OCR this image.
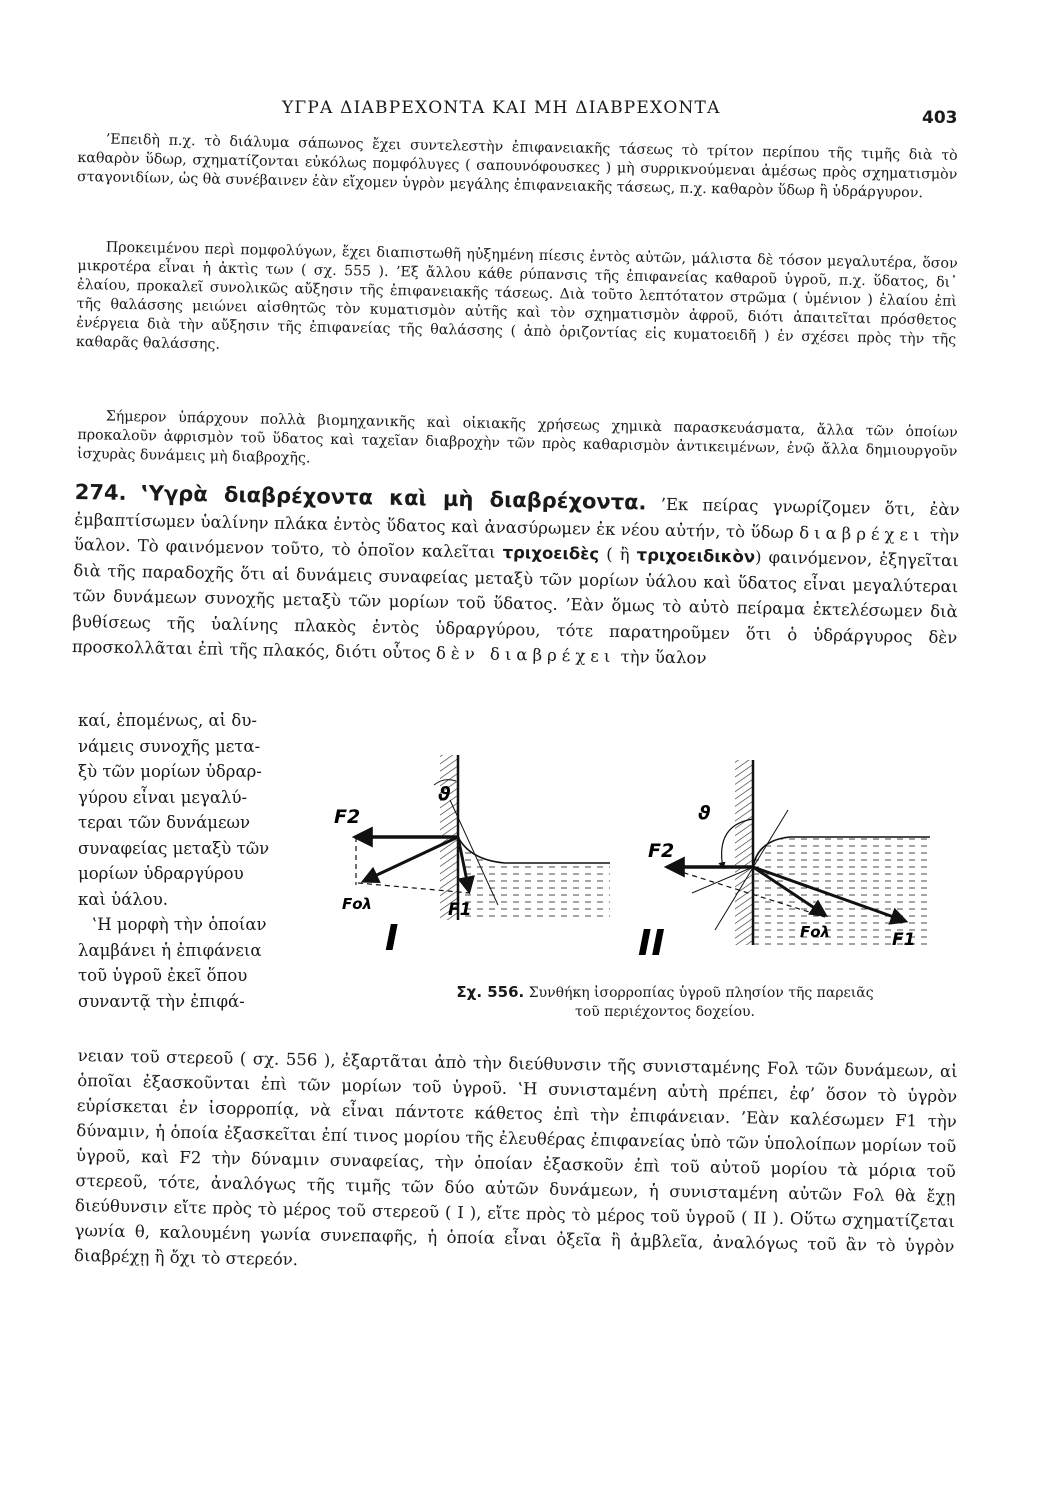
ΥΓΡΑ ΔΙΑΒΡΕΧΟΝΤΑ ΚΑΙ ΜΗ ΔΙΑΒΡΕΧΟΝΤΑ	403
’Επειδὴ π.χ. τὸ διάλυμα σάπωνος ἔχει συντελεστὴν ἐπιφανειακῆς τάσεως τὸ τρίτον περίπου τῆς τιμῆς διὰ τὸ καθαρὸν ὕδωρ, σχηματίζονται εὐκόλως πομφόλυγες ( σαπουνόφουσκες ) μὴ συρρικνούμεναι ἀμέσως πρὸς σχηματισμὸν σταγονιδίων, ὡς θὰ συνέβαινεν ἐὰν εἴχομεν ὑγρὸν μεγάλης ἐπιφανειακῆς τάσεως, π.χ. καθαρὸν ὕδωρ ἢ ὑδράργυρον.
Προκειμένου περὶ πομφολύγων, ἔχει διαπιστωθῆ ηὐξημένη πίεσις ἐντὸς αὐτῶν, μάλιστα δὲ τόσον μεγαλυτέρα, ὅσον μικροτέρα εἶναι ἡ ἀκτὶς των ( σχ. 555 ). ’Εξ ἄλλου κάθε ρύπανσις τῆς ἐπιφανείας καθαροῦ ὑγροῦ, π.χ. ὕδατος, δι᾽ ἐλαίου, προκαλεῖ συνολικῶς αὔξησιν τῆς ἐπιφανειακῆς τάσεως. Διὰ τοῦτο λεπτότατον στρῶμα ( ὑμένιον ) ἐλαίου ἐπὶ τῆς θαλάσσης μειώνει αἰσθητῶς τὸν κυματισμὸν αὐτῆς καὶ τὸν σχηματισμὸν ἀφροῦ, διότι ἀπαιτεῖται πρόσθετος ἐνέργεια διὰ τὴν αὔξησιν τῆς ἐπιφανείας τῆς θαλάσσης ( ἀπὸ ὁριζοντίας εἰς κυματοειδῆ ) ἐν σχέσει πρὸς τὴν τῆς καθαρᾶς θαλάσσης.
Σήμερον ὑπάρχουν πολλὰ βιομηχανικῆς καὶ οἰκιακῆς χρήσεως χημικὰ παρασκευάσματα, ἄλλα τῶν ὁποίων προκαλοῦν ἀφρισμὸν τοῦ ὕδατος καὶ ταχεῖαν διαβροχὴν τῶν πρὸς καθαρισμὸν ἀντικειμένων, ἐνῷ ἄλλα δημιουργοῦν ἰσχυρὰς δυνάμεις μὴ διαβροχῆς.
274. ‛Υγρὰ διαβρέχοντα καὶ μὴ διαβρέχοντα. ’Εκ πείρας γνωρίζομεν ὅτι, ἐὰν ἐμβαπτίσωμεν ὑαλίνην πλάκα ἐντὸς ὕδατος καὶ ἀνασύρωμεν ἐκ νέου αὐτήν, τὸ ὕδωρ διαβρέχει τὴν ὕαλον. Τὸ φαινόμενον τοῦτο, τὸ ὁποῖον καλεῖται τριχοειδὲς ( ἢ τριχοειδικὸν) φαινόμενον, ἐξηγεῖται διὰ τῆς παραδοχῆς ὅτι αἱ δυνάμεις συναφείας μεταξὺ τῶν μορίων ὑάλου καὶ ὕδατος εἶναι μεγαλύτεραι τῶν δυνάμεων συνοχῆς μεταξὺ τῶν μορίων τοῦ ὕδατος. ’Εὰν ὅμως τὸ αὐτὸ πείραμα ἐκτελέσωμεν διὰ βυθίσεως τῆς ὑαλίνης πλακὸς ἐντὸς ὑδραργύρου, τότε παρατηροῦμεν ὅτι ὁ ὑδράργυρος δὲν προσκολλᾶται ἐπὶ τῆς πλακός, διότι οὗτος δὲν διαβρέχει τὴν ὕαλον
καί, ἐπομένως, αἱ δυ-
νάμεις συνοχῆς μετα-
ξὺ τῶν μορίων ὑδραρ-
γύρου εἶναι μεγαλύ-
τεραι τῶν δυνάμεων
συναφείας μεταξὺ τῶν
μορίων ὑδραργύρου
καὶ ὑάλου.
‛Η μορφὴ τὴν ὁποίαν
λαμβάνει ἡ ἐπιφάνεια
τοῦ ὑγροῦ ἐκεῖ ὅπου
συναντᾷ τὴν ἐπιφά-
ϑ
F2
Fολ	F1
I
ϑ
F2
Fολ	F1
II
Σχ. 556. Συνθήκη ἰσορροπίας ὑγροῦ πλησίον τῆς παρειᾶς
τοῦ περιέχοντος δοχείου.
νειαν τοῦ στερεοῦ ( σχ. 556 ), ἐξαρτᾶται ἀπὸ τὴν διεύθυνσιν τῆς συνισταμένης Fολ τῶν δυνάμεων, αἱ ὁποῖαι ἐξασκοῦνται ἐπὶ τῶν μορίων τοῦ ὑγροῦ. ‛Η συνισταμένη αὐτὴ πρέπει, ἐφ’ ὅσον τὸ ὑγρὸν εὑρίσκεται ἐν ἰσορροπίᾳ, νὰ εἶναι πάντοτε κάθετος ἐπὶ τὴν ἐπιφάνειαν. ’Εὰν καλέσωμεν F1 τὴν δύναμιν, ἡ ὁποία ἐξασκεῖται ἐπί τινος μορίου τῆς ἐλευθέρας ἐπιφανείας ὑπὸ τῶν ὑπολοίπων μορίων τοῦ ὑγροῦ, καὶ F2 τὴν δύναμιν συναφείας, τὴν ὁποίαν ἐξασκοῦν ἐπὶ τοῦ αὐτοῦ μορίου τὰ μόρια τοῦ στερεοῦ, τότε, ἀναλόγως τῆς τιμῆς τῶν δύο αὐτῶν δυνάμεων, ἡ συνισταμένη αὐτῶν Fολ θὰ ἔχῃ διεύθυνσιν εἴτε πρὸς τὸ μέρος τοῦ στερεοῦ ( I ), εἴτε πρὸς τὸ μέρος τοῦ ὑγροῦ ( II ). Οὕτω σχηματίζεται γωνία θ, καλουμένη γωνία συνεπαφῆς, ἡ ὁποία εἶναι ὀξεῖα ἢ ἀμβλεῖα, ἀναλόγως τοῦ ἂν τὸ ὑγρὸν διαβρέχῃ ἢ ὄχι τὸ στερεόν.
